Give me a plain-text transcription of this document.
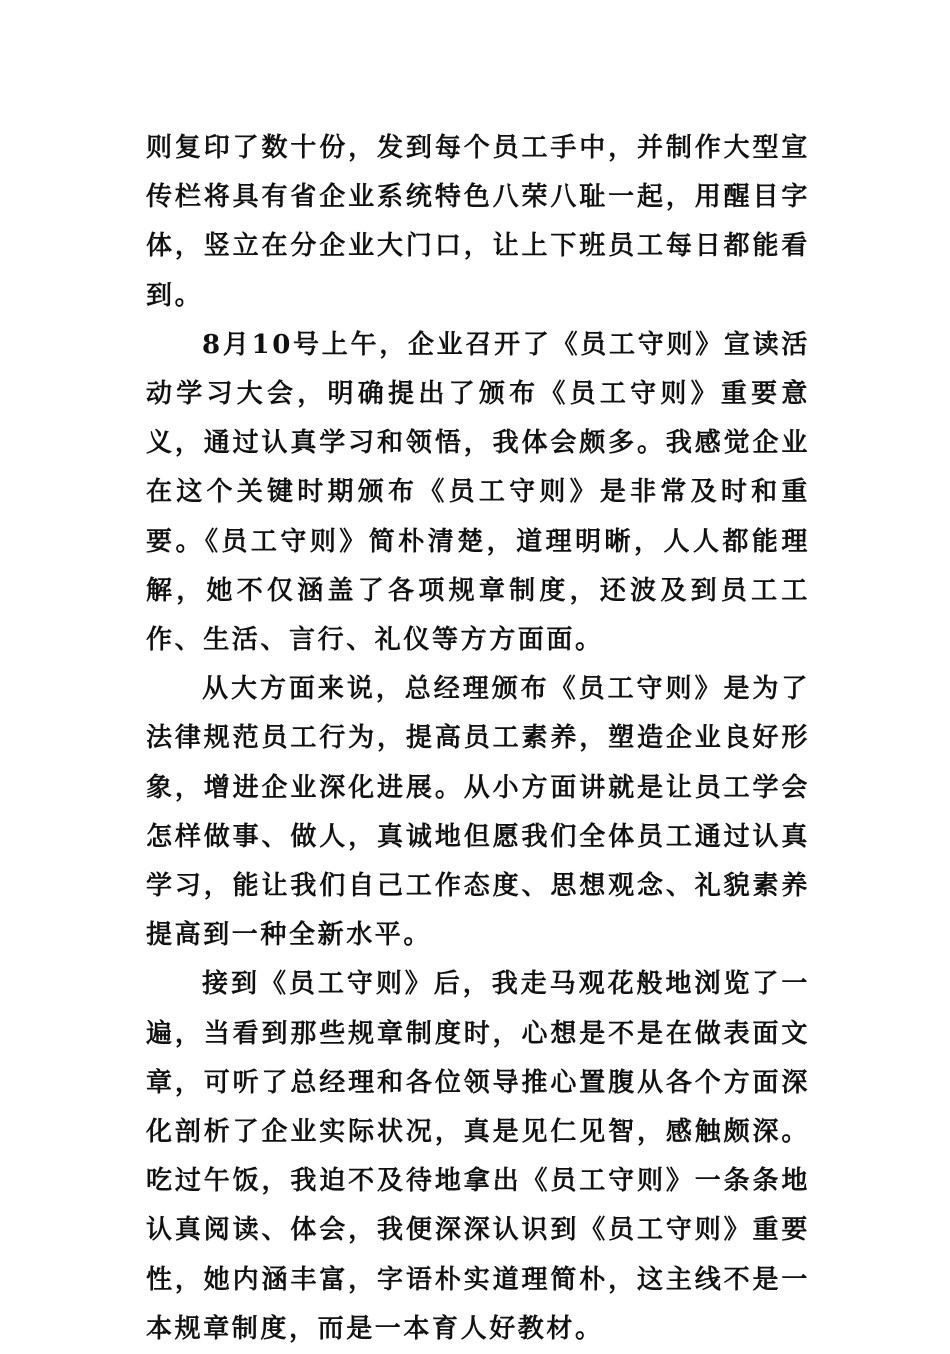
则复印了数十份，发到每个员工手中，并制作大型宣传栏将具有省企业系统特色八荣八耻一起，用醒目字体，竖立在分企业大门口，让上下班员工每日都能看到。

8月10号上午，企业召开了《员工守则》宣读活动学习大会，明确提出了颁布《员工守则》重要意义，通过认真学习和领悟，我体会颇多。我感觉企业在这个关键时期颁布《员工守则》是非常及时和重要。《员工守则》简朴清楚，道理明晰，人人都能理解，她不仅涵盖了各项规章制度，还波及到员工工作、生活、言行、礼仪等方方面面。

从大方面来说，总经理颁布《员工守则》是为了法律规范员工行为，提高员工素养，塑造企业良好形象，增进企业深化进展。从小方面讲就是让员工学会怎样做事、做人，真诚地但愿我们全体员工通过认真学习，能让我们自己工作态度、思想观念、礼貌素养提高到一种全新水平。

接到《员工守则》后，我走马观花般地浏览了一遍，当看到那些规章制度时，心想是不是在做表面文章，可听了总经理和各位领导推心置腹从各个方面深化剖析了企业实际状况，真是见仁见智，感触颇深。吃过午饭，我迫不及待地拿出《员工守则》一条条地认真阅读、体会，我便深深认识到《员工守则》重要性，她内涵丰富，字语朴实道理简朴，这主线不是一本规章制度，而是一本育人好教材。
